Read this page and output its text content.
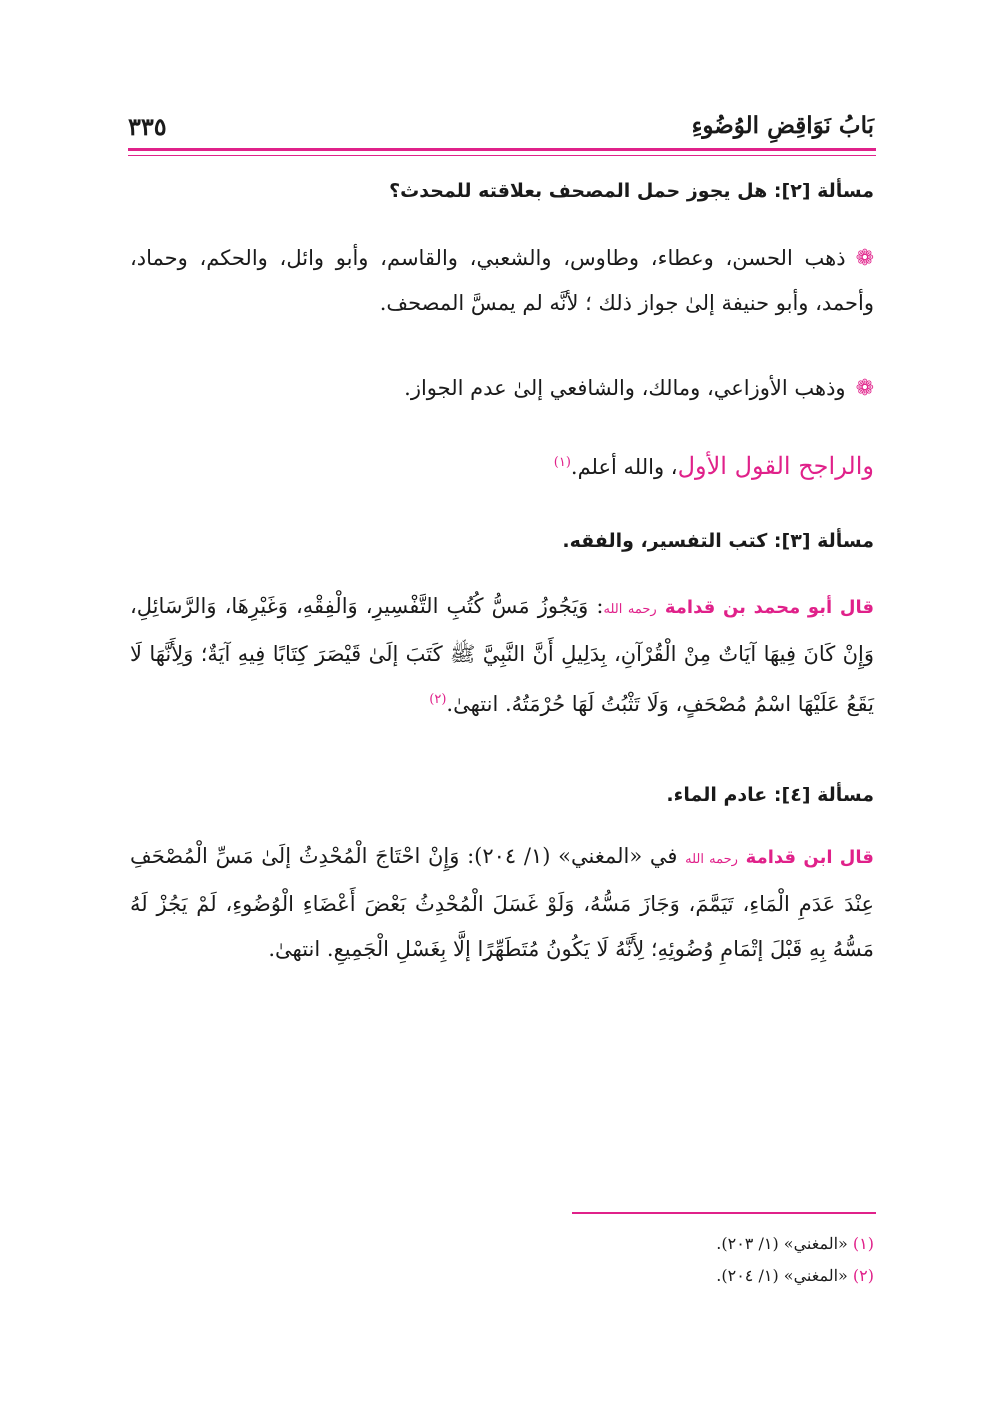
بَابُ نَوَاقِضِ الوُضُوءِ
٣٣٥
مسألة [٢]: هل يجوز حمل المصحف بعلاقته للمحدث؟
❁ذهب الحسن، وعطاء، وطاوس، والشعبي، والقاسم، وأبو وائل، والحكم، وحماد، وأحمد، وأبو حنيفة إلىٰ جواز ذلك ؛ لأنَّه لم يمسَّ المصحف.
❁وذهب الأوزاعي، ومالك، والشافعي إلىٰ عدم الجواز.
والراجح القول الأول، والله أعلم.$^{(١)}$
مسألة [٣]: كتب التفسير، والفقه.
قال أبو محمد بن قدامة رحمه الله: وَيَجُوزُ مَسُّ كُتُبِ التَّفْسِيرِ، وَالْفِقْهِ، وَغَيْرِهَا، وَالرَّسَائِلِ، وَإِنْ كَانَ فِيهَا آيَاتٌ مِنْ الْقُرْآنِ، بِدَلِيلِ أَنَّ النَّبِيَّ ﷺ كَتَبَ إلَىٰ قَيْصَرَ كِتَابًا فِيهِ آيَةٌ؛ وَلِأَنَّهَا لَا يَقَعُ عَلَيْهَا اسْمُ مُصْحَفٍ، وَلَا تَثْبُتُ لَهَا حُرْمَتُهُ. انتهىٰ.$^{(٢)}$
مسألة [٤]: عادم الماء.
قال ابن قدامة رحمه الله في «المغني» (١/ ٢٠٤): وَإِنْ احْتَاجَ الْمُحْدِثُ إلَىٰ مَسِّ الْمُصْحَفِ عِنْدَ عَدَمِ الْمَاءِ، تَيَمَّمَ، وَجَازَ مَسُّهُ، وَلَوْ غَسَلَ الْمُحْدِثُ بَعْضَ أَعْضَاءِ الْوُضُوءِ، لَمْ يَجُزْ لَهُ مَسُّهُ بِهِ قَبْلَ إتْمَامِ وُضُوئِهِ؛ لِأَنَّهُ لَا يَكُونُ مُتَطَهِّرًا إلَّا بِغَسْلِ الْجَمِيعِ. انتهىٰ.
(١) «المغني» (١/ ٢٠٣).
(٢) «المغني» (١/ ٢٠٤).
